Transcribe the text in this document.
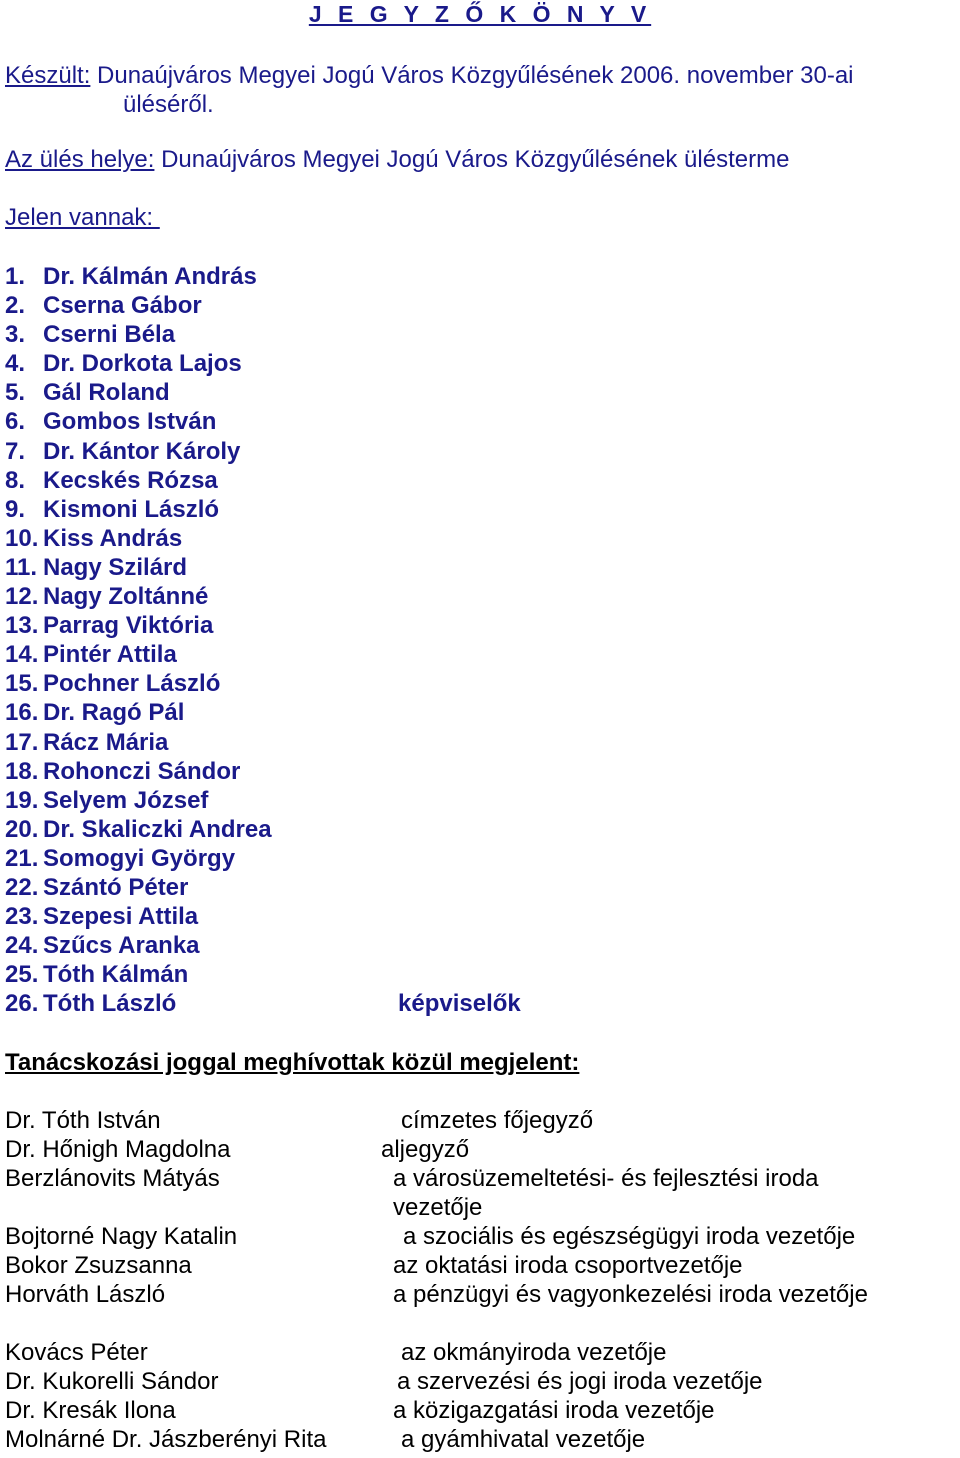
J E G Y Z Ő K Ö N Y V
Készült: Dunaújváros Megyei Jogú Város Közgyűlésének 2006. november 30-ai
üléséről.
Az ülés helye: Dunaújváros Megyei Jogú Város Közgyűlésének ülésterme
Jelen vannak:
1. Dr. Kálmán András
2. Cserna Gábor
3. Cserni Béla
4. Dr. Dorkota Lajos
5. Gál Roland
6. Gombos István
7. Dr. Kántor Károly
8. Kecskés Rózsa
9. Kismoni László
10. Kiss András
11. Nagy Szilárd
12. Nagy Zoltánné
13. Parrag Viktória
14. Pintér Attila
15. Pochner László
16. Dr. Ragó Pál
17. Rácz Mária
18. Rohonczi Sándor
19. Selyem József
20. Dr. Skaliczki Andrea
21. Somogyi György
22. Szántó Péter
23. Szepesi Attila
24. Szűcs Aranka
25. Tóth Kálmán
26. Tóth László	képviselők
Tanácskozási joggal meghívottak közül megjelent:
Dr. Tóth István	címzetes főjegyző
Dr. Hőnigh Magdolna	aljegyző
Berzlánovits Mátyás	a városüzemeltetési- és fejlesztési iroda vezetője
Bojtorné Nagy Katalin	a szociális és egészségügyi iroda vezetője
Bokor Zsuzsanna	az oktatási iroda csoportvezetője
Horváth László	a pénzügyi és vagyonkezelési iroda vezetője
Kovács Péter	az okmányiroda vezetője
Dr. Kukorelli Sándor	a szervezési és jogi iroda vezetője
Dr. Kresák Ilona	a közigazgatási iroda vezetője
Molnárné Dr. Jászberényi Rita	a gyámhivatal vezetője
